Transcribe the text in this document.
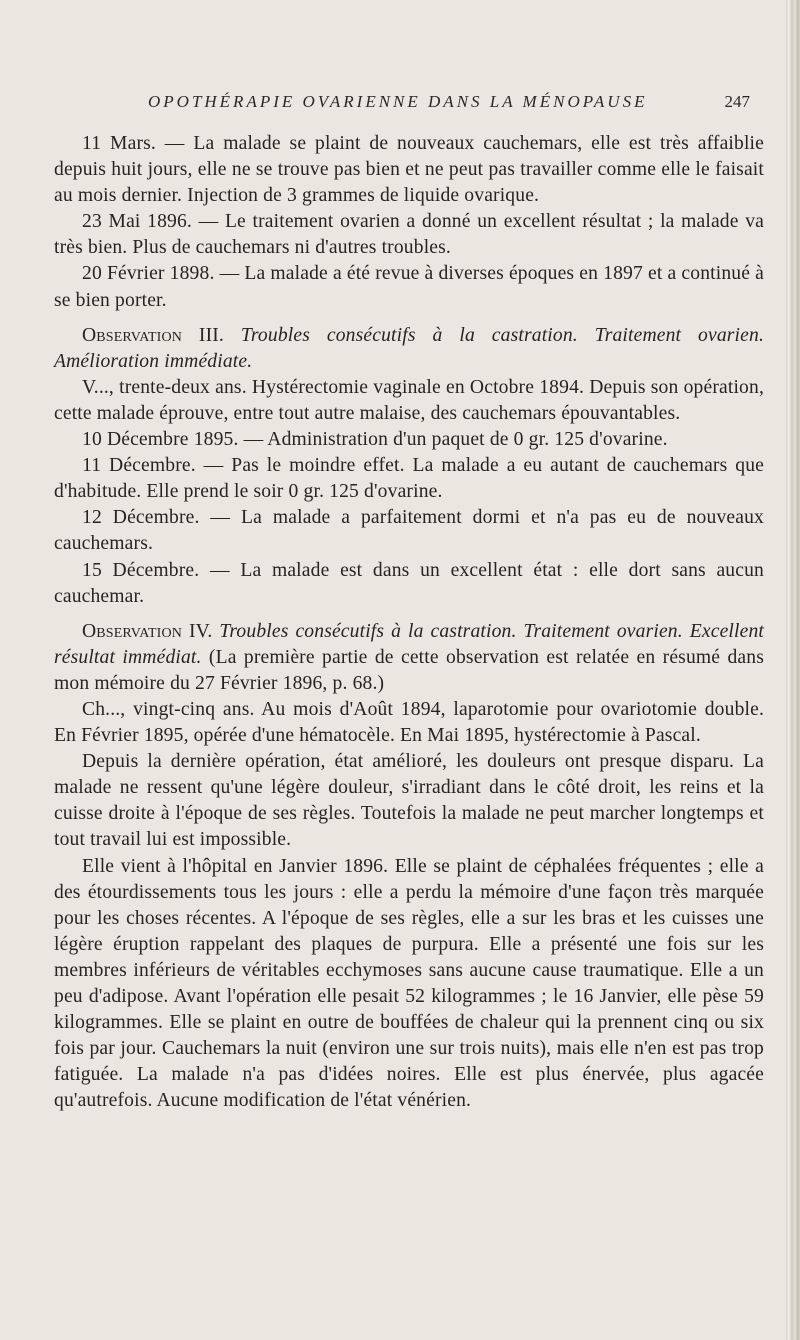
OPOTHÉRAPIE OVARIENNE DANS LA MÉNOPAUSE	247

11 Mars. — La malade se plaint de nouveaux cauchemars, elle est très affaiblie depuis huit jours, elle ne se trouve pas bien et ne peut pas travailler comme elle le faisait au mois dernier. Injection de 3 grammes de liquide ovarique.

23 Mai 1896. — Le traitement ovarien a donné un excellent résultat ; la malade va très bien. Plus de cauchemars ni d'autres troubles.

20 Février 1898. — La malade a été revue à diverses époques en 1897 et a continué à se bien porter.

Observation III. Troubles consécutifs à la castration. Traitement ovarien. Amélioration immédiate.

V..., trente-deux ans. Hystérectomie vaginale en Octobre 1894. Depuis son opération, cette malade éprouve, entre tout autre malaise, des cauchemars épouvantables.

10 Décembre 1895. — Administration d'un paquet de 0 gr. 125 d'ovarine.

11 Décembre. — Pas le moindre effet. La malade a eu autant de cauchemars que d'habitude. Elle prend le soir 0 gr. 125 d'ovarine.

12 Décembre. — La malade a parfaitement dormi et n'a pas eu de nouveaux cauchemars.

15 Décembre. — La malade est dans un excellent état : elle dort sans aucun cauchemar.

Observation IV. Troubles consécutifs à la castration. Traitement ovarien. Excellent résultat immédiat. (La première partie de cette observation est relatée en résumé dans mon mémoire du 27 Février 1896, p. 68.)

Ch..., vingt-cinq ans. Au mois d'Août 1894, laparotomie pour ovariotomie double. En Février 1895, opérée d'une hématocèle. En Mai 1895, hystérectomie à Pascal.

Depuis la dernière opération, état amélioré, les douleurs ont presque disparu. La malade ne ressent qu'une légère douleur, s'irradiant dans le côté droit, les reins et la cuisse droite à l'époque de ses règles. Toutefois la malade ne peut marcher longtemps et tout travail lui est impossible.

Elle vient à l'hôpital en Janvier 1896. Elle se plaint de céphalées fréquentes ; elle a des étourdissements tous les jours : elle a perdu la mémoire d'une façon très marquée pour les choses récentes. A l'époque de ses règles, elle a sur les bras et les cuisses une légère éruption rappelant des plaques de purpura. Elle a présenté une fois sur les membres inférieurs de véritables ecchymoses sans aucune cause traumatique. Elle a un peu d'adipose. Avant l'opération elle pesait 52 kilogrammes ; le 16 Janvier, elle pèse 59 kilogrammes. Elle se plaint en outre de bouffées de chaleur qui la prennent cinq ou six fois par jour. Cauchemars la nuit (environ une sur trois nuits), mais elle n'en est pas trop fatiguée. La malade n'a pas d'idées noires. Elle est plus énervée, plus agacée qu'autrefois. Aucune modification de l'état vénérien.
